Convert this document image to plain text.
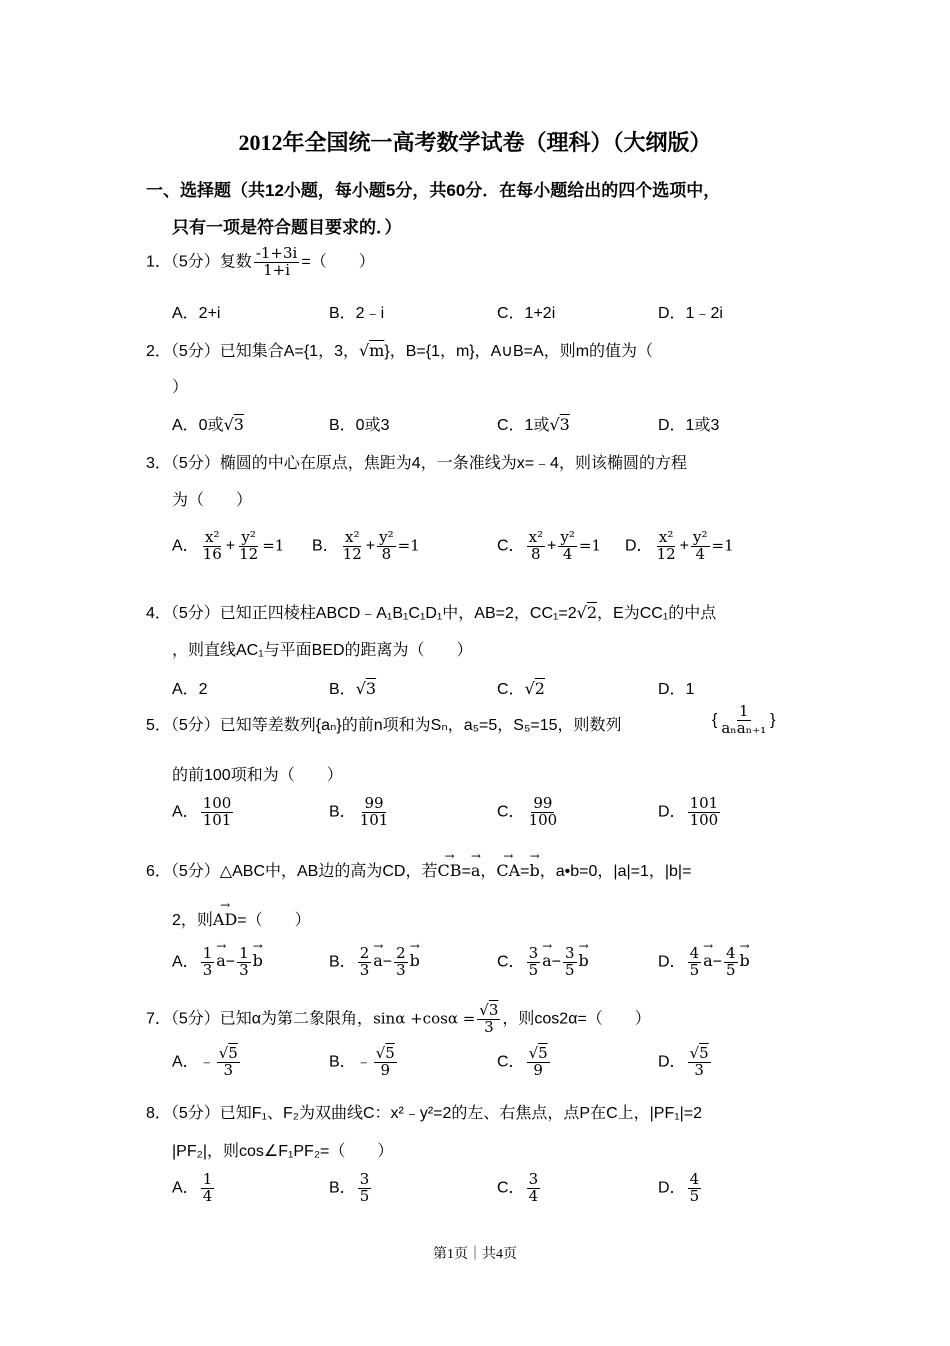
2012年全国统一高考数学试卷（理科）（大纲版）
一、选择题（共12小题，每小题5分，共60分．在每小题给出的四个选项中，
只有一项是符合题目要求的．）
1．（5分）复数 $\frac{-1+3i}{1+i}$ =（　　）
A．2+i	B．2﹣i	C．1+2i	D．1﹣2i
2．（5分）已知集合A={1，3，√m}，B={1，m}，A∪B=A，则m的值为（
）
A．0或√3	B．0或3	C．1或√3	D．1或3
3．（5分）椭圆的中心在原点，焦距为4，一条准线为x=﹣4，则该椭圆的方程
为（　　）
A． $\frac{\text{x²}}{16} + \frac{\text{y²}}{12} =1$ B． $\frac{\text{x²}}{12} + \frac{\text{y²}}{8} =1$	C． $\frac{\text{x²}}{8} + \frac{\text{y²}}{4} =1$ D． $\frac{\text{x²}}{12} + \frac{\text{y²}}{4} =1$
4．（5分）已知正四棱柱ABCD﹣A₁B₁C₁D₁中，AB=2，CC₁=2√2，E为CC₁的中点
，则直线AC₁与平面BED的距离为（　　）
A．2	B．√3	C．√2	D．1
5．（5分）已知等差数列{aₙ}的前n项和为Sₙ，a₅=5，S₅=15，则数列	{ $\frac{1}{\text{aₙaₙ₊₁}}$ }
的前100项和为（　　）
A． $\frac{100}{101}$	B． $\frac{99}{101}$	C． $\frac{99}{100}$	D． $\frac{101}{100}$
6．（5分）△ABC中，AB边的高为CD，若→ CB=→ a，→ CA=→ b，a•b=0，|a|=1，|b|=
2，则→ AD=（　　）
A． $\frac{1}{3} \to a- \frac{1}{3} \to b$	B． $\frac{2}{3} \to a- \frac{2}{3} \to b$	C． $\frac{3}{5} \to a- \frac{3}{5} \to b$	D． $\frac{4}{5} \to a- \frac{4}{5} \to b$
7．（5分）已知α为第二象限角，$\sin\alpha +\cos\alpha = \frac{√3}{3}$ ，则cos2α=（　　）
A．﹣ $\frac{√5}{3}$	B．﹣ $\frac{√5}{9}$	C． $\frac{√5}{9}$	D． $\frac{√5}{3}$
8．（5分）已知F₁、F₂为双曲线C：x²﹣y²=2的左、右焦点，点P在C上，|PF₁|=2
|PF₂|，则cos∠F₁PF₂=（　　）
A． $\frac{1}{4}$	B． $\frac{3}{5}$	C． $\frac{3}{4}$	D． $\frac{4}{5}$
第1页｜共4页
